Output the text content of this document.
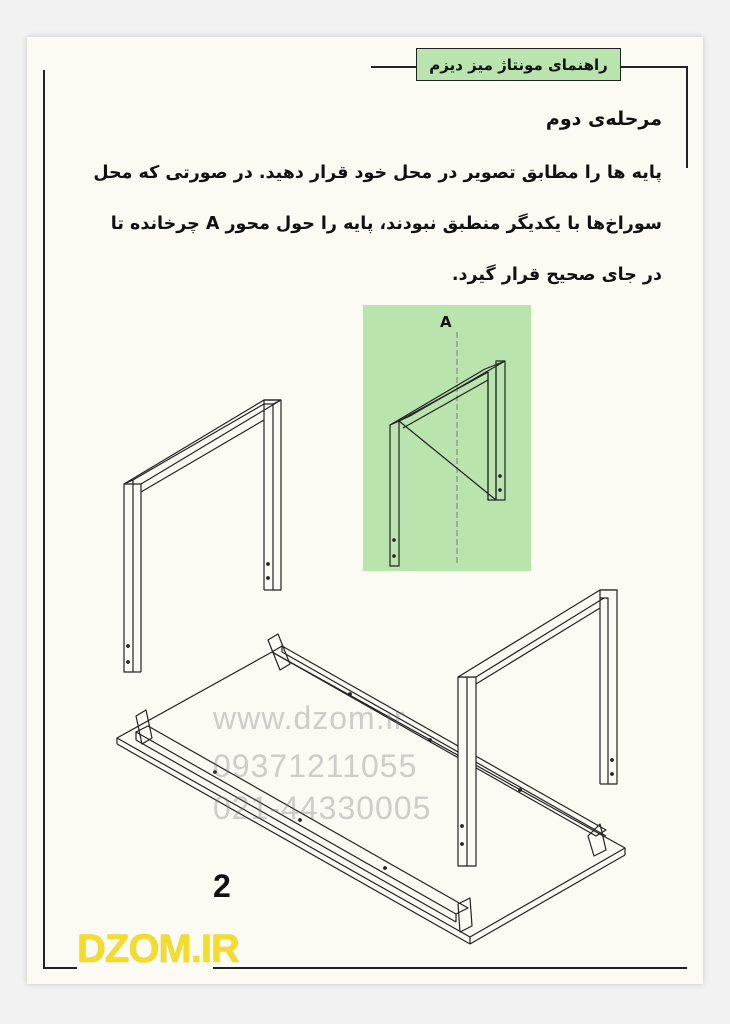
راهنمای مونتاژ میز دیزم
مرحله‌ی دوم
پایه ها را مطابق تصویر در محل خود قرار دهید. در صورتی که محل
سوراخ‌ها با یکدیگر منطبق نبودند، پایه را حول محور A چرخانده تا
در جای صحیح قرار گیرد.
A
www.dzom.ir
09371211055
021-44330005
2
DZOM.IR
